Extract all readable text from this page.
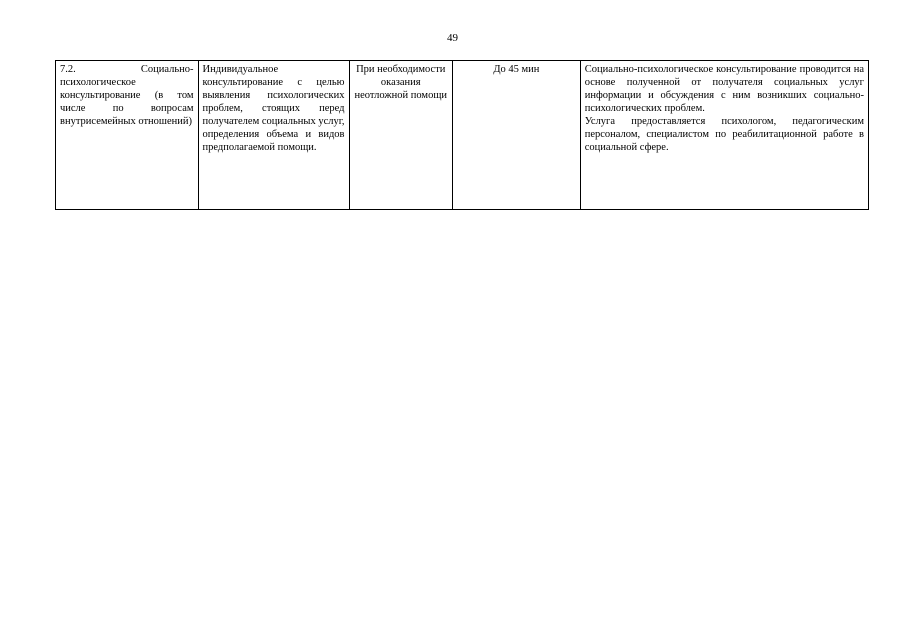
49
7.2. Социально-психологическое консультирование (в том числе по вопросам внутрисемейных отношений)	Индивидуальное консультирование с целью выявления психологических проблем, стоящих перед получателем социальных услуг, определения объема и видов предполагаемой помощи.	При необходимости оказания неотложной помощи	До 45 мин	Социально-психологическое консультирование проводится на основе полученной от получателя социальных услуг информации и обсуждения с ним возникших социально-психологических проблем.
Услуга предоставляется психологом, педагогическим персоналом, специалистом по реабилитационной работе в социальной сфере.
